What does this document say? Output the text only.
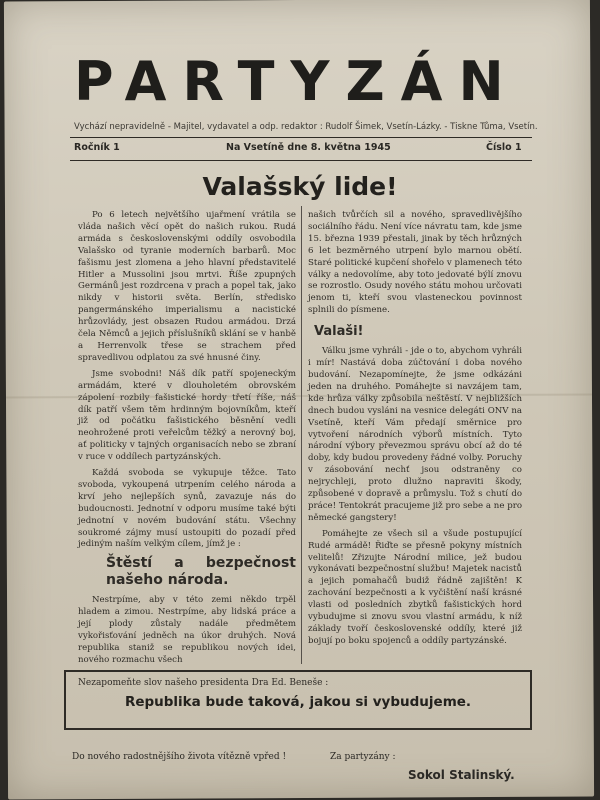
PARTYZÁN
Vychází nepravidelně - Majitel, vydavatel a odp. redaktor : Rudolf Šimek, Vsetín-Lázky. - Tiskne Tůma, Vsetín.
Ročník 1	Na Vsetíně dne 8. května 1945	Číslo 1
Valašský lide!

Po 6 letech největšího ujařmení vrátila se vláda našich věcí opět do našich rukou. Rudá armáda s československými oddíly osvobodila Valašsko od tyranie moderních barbarů. Moc fašismu jest zlomena a jeho hlavní představitelé Hitler a Mussolini jsou mrtvi. Říše zpupných Germánů jest rozdrcena v prach a popel tak, jako nikdy v historii světa. Berlín, středisko pangermánského imperialismu a nacistické hrůzovlády, jest obsazen Rudou armádou. Drzá čela Němců a jejich příslušníků sklání se v hanbě a Herrenvolk třese se strachem před spravedlivou odplatou za své hnusné činy.

Jsme svobodni! Náš dík patří spojeneckým armádám, které v dlouholetém obrovském zápolení rozbily fašistické hordy třetí říše, náš dík patří všem těm hrdinným bojovníkům, kteří již od počátku fašistického běsnění vedli neohrožené proti veřelcům těžký a nerovný boj, ať politicky v tajných organisacích nebo se zbraní v ruce v oddílech partyzánských.

Každá svoboda se vykupuje těžce. Tato svoboda, vykoupená utrpením celého národa a krví jeho nejlepších synů, zavazuje nás do budoucnosti. Jednotní v odporu musíme také býti jednotní v novém budování státu. Všechny soukromé zájmy musí ustoupiti do pozadí před jediným naším velkým cílem, jímž je :

Štěstí a bezpečnost našeho národa.

Nestrpíme, aby v této zemi někdo trpěl hladem a zimou. Nestrpíme, aby lidská práce a její plody zůstaly nadále předmětem vykořisťování jedněch na úkor druhých. Nová republika staniž se republikou nových idei, nového rozmachu všech

našich tvůrčích sil a nového, spravedlivějšího sociálního řádu. Není více návratu tam, kde jsme 15. března 1939 přestali, jinak by těch hrůzných 6 let bezměrného utrpení bylo marnou obětí. Staré politické kupčení shořelo v plamenech této války a nedovolíme, aby toto jedovaté býlí znovu se rozrostlo. Osudy nového státu mohou určovati jenom ti, kteří svou vlasteneckou povinnost splnili do písmene.

Valaši!

Válku jsme vyhráli - jde o to, abychom vyhráli i mír! Nastává doba zúčtování i doba nového budování. Nezapomínejte, že jsme odkázáni jeden na druhého. Pomáhejte si navzájem tam, kde hrůza války způsobila neštěstí. V nejbližších dnech budou vysláni na vesnice delegáti ONV na Vsetíně, kteří Vám předají směrnice pro vytvoření národních výborů místních. Tyto národní výbory převezmou správu obcí až do té doby, kdy budou provedeny řádné volby. Poruchy v zásobování nechť jsou odstraněny co nejrychleji, proto dlužno napraviti škody, způsobené v dopravě a průmyslu. Tož s chutí do práce! Tentokrát pracujeme již pro sebe a ne pro německé gangstery!

Pomáhejte ze všech sil a všude postupující Rudé armádě! Řiďte se přesně pokyny místních velitelů! Zřizujte Národní milice, jež budou vykonávati bezpečnostní službu! Majetek nacistů a jejich pomahačů budiž řádně zajištěn! K zachování bezpečnosti a k vyčištění naší krásné vlasti od posledních zbytků fašistických hord vybudujme si znovu svou vlastní armádu, k níž základy tvoří československé oddíly, které již bojují po boku spojenců a oddíly partyzánské.

Nezapomeňte slov našeho presidenta Dra Ed. Beneše :
Republika bude taková, jakou si vybudujeme.
Do nového radostnějšího života vítězně vpřed !	Za partyzány :
Sokol Stalinský.
